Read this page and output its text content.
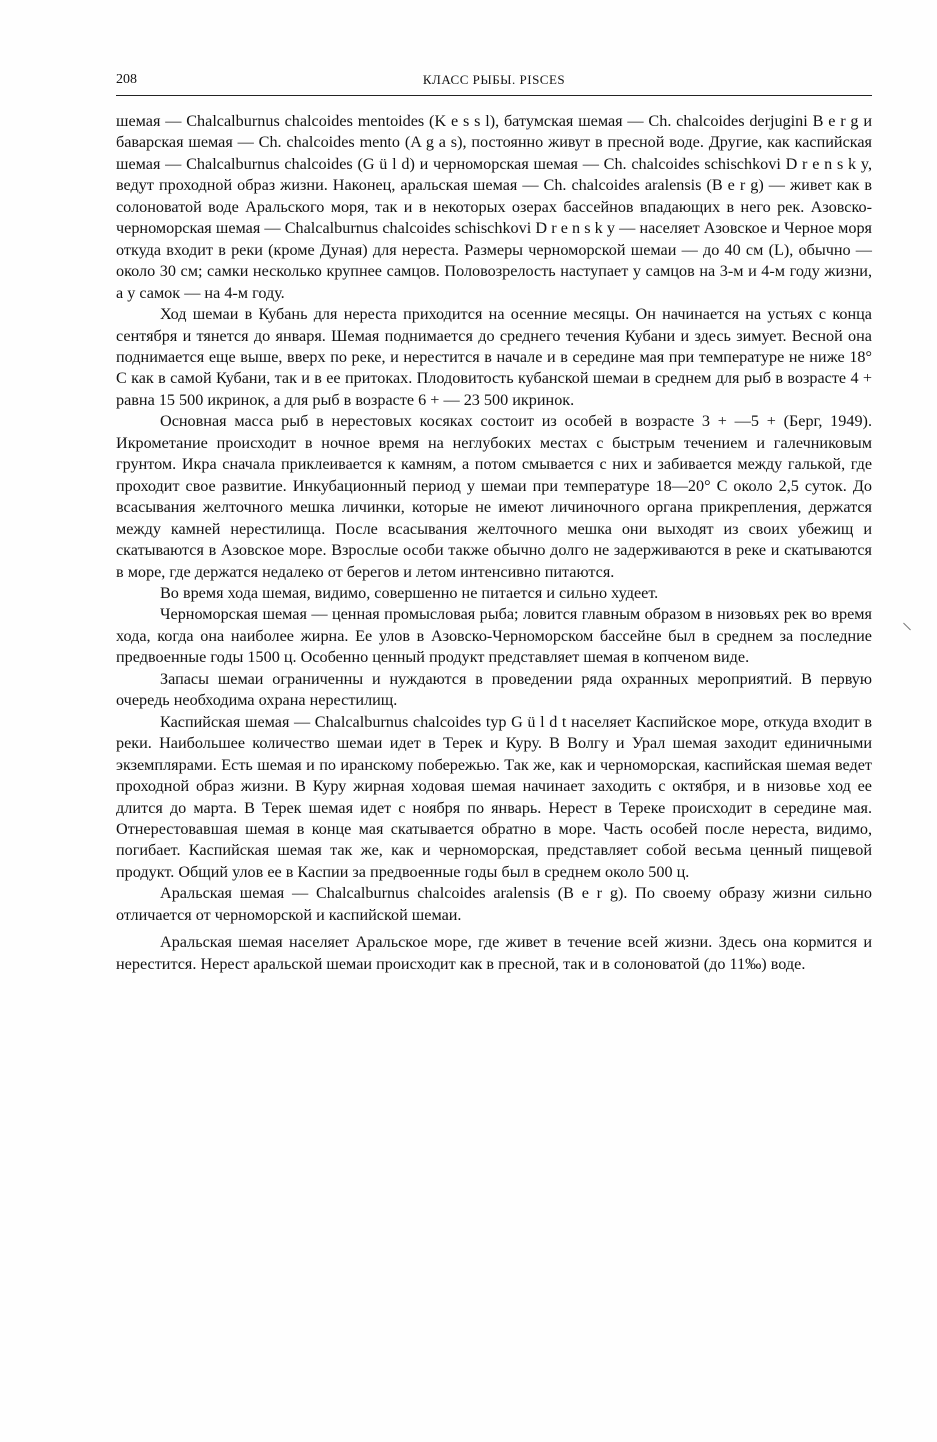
208	КЛАСС РЫБЫ. PISCES

шемая — Chalcalburnus chalcoides mentoides (K e s s l), батумская шемая — Ch. chalcoides derjugini B e r g и баварская шемая — Ch. chalcoides mento (A g a s), постоянно живут в пресной воде. Другие, как каспийская шемая — Chalcalburnus chalcoides (G ü l d) и черноморская шемая — Ch. chalcoides schischkovi D r e n s k y, ведут проходной образ жизни. Наконец, аральская шемая — Ch. chalcoides aralensis (B e r g) — живет как в солоноватой воде Аральского моря, так и в некоторых озерах бассейнов впадающих в него рек. Азовско-черноморская шемая — Chalcalburnus chalcoides schischkovi D r e n s k y — населяет Азовское и Черное моря откуда входит в реки (кроме Дуная) для нереста. Размеры черноморской шемаи — до 40 см (L), обычно — около 30 см; самки несколько крупнее самцов. Половозрелость наступает у самцов на 3-м и 4-м году жизни, а у самок — на 4-м году.

Ход шемаи в Кубань для нереста приходится на осенние месяцы. Он начинается на устьях с конца сентября и тянется до января. Шемая поднимается до среднего течения Кубани и здесь зимует. Весной она поднимается еще выше, вверх по реке, и нерестится в начале и в середине мая при температуре не ниже 18° С как в самой Кубани, так и в ее притоках. Плодовитость кубанской шемаи в среднем для рыб в возрасте 4 + равна 15 500 икринок, а для рыб в возрасте 6 + — 23 500 икринок.

Основная масса рыб в нерестовых косяках состоит из особей в возрасте 3 + —5 + (Берг, 1949). Икрометание происходит в ночное время на неглубоких местах с быстрым течением и галечниковым грунтом. Икра сначала приклеивается к камням, а потом смывается с них и забивается между галькой, где проходит свое развитие. Инкубационный период у шемаи при температуре 18—20° С около 2,5 суток. До всасывания желточного мешка личинки, которые не имеют личиночного органа прикрепления, держатся между камней нерестилища. После всасывания желточного мешка они выходят из своих убежищ и скатываются в Азовское море. Взрослые особи также обычно долго не задерживаются в реке и скатываются в море, где держатся недалеко от берегов и летом интенсивно питаются.

Во время хода шемая, видимо, совершенно не питается и сильно худеет.

Черноморская шемая — ценная промысловая рыба; ловится главным образом в низовьях рек во время хода, когда она наиболее жирна. Ее улов в Азовско-Черноморском бассейне был в среднем за последние предвоенные годы 1500 ц. Особенно ценный продукт представляет шемая в копченом виде.

Запасы шемаи ограниченны и нуждаются в проведении ряда охранных мероприятий. В первую очередь необходима охрана нерестилищ.

Каспийская шемая — Chalcalburnus chalcoides typ G ü l d t населяет Каспийское море, откуда входит в реки. Наибольшее количество шемаи идет в Терек и Куру. В Волгу и Урал шемая заходит единичными экземплярами. Есть шемая и по иранскому побережью. Так же, как и черноморская, каспийская шемая ведет проходной образ жизни. В Куру жирная ходовая шемая начинает заходить с октября, и в низовье ход ее длится до марта. В Терек шемая идет с ноября по январь. Нерест в Тереке происходит в середине мая. Отнерестовавшая шемая в конце мая скатывается обратно в море. Часть особей после нереста, видимо, погибает. Каспийская шемая так же, как и черноморская, представляет собой весьма ценный пищевой продукт. Общий улов ее в Каспии за предвоенные годы был в среднем около 500 ц.

Аральская шемая — Chalcalburnus chalcoides aralensis (B e r g). По своему образу жизни сильно отличается от черноморской и каспийской шемаи.

Аральская шемая населяет Аральское море, где живет в течение всей жизни. Здесь она кормится и нерестится. Нерест аральской шемаи происходит как в пресной, так и в солоноватой (до 11‰) воде.
